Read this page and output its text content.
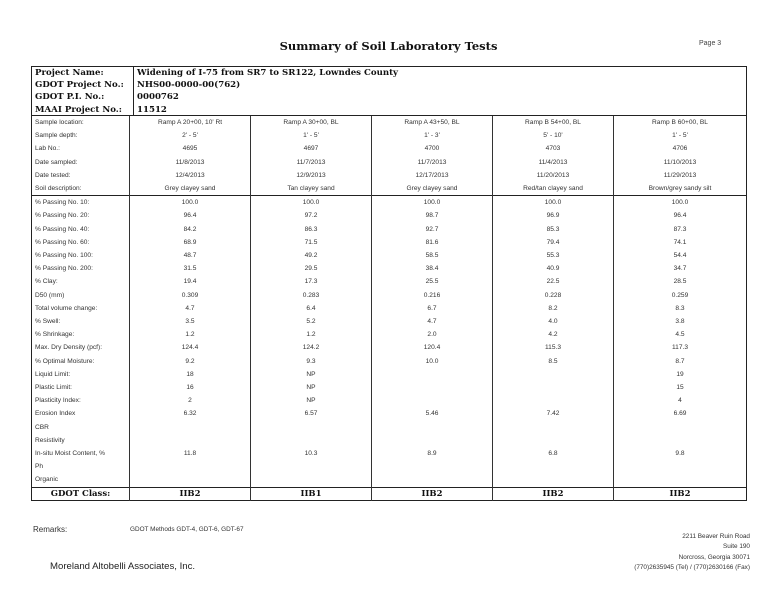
Summary of Soil Laboratory Tests	Page 3
Project Name:	Widening of I-75 from SR7 to SR122, Lowndes County
GDOT Project No.:	NHS00-0000-00(762)
GDOT P.I. No.:	0000762
MAAI Project No.:	11512
Sample location:	Ramp A 20+00, 10' Rt	Ramp A 30+00, BL	Ramp A 43+50, BL	Ramp B 54+00, BL	Ramp B 60+00, BL
Sample depth:	2' - 5'	1' - 5'	1' - 3'	5' - 10'	1' - 5'
Lab No.:	4695	4697	4700	4703	4706
Date sampled:	11/8/2013	11/7/2013	11/7/2013	11/4/2013	11/10/2013
Date tested:	12/4/2013	12/9/2013	12/17/2013	11/20/2013	11/29/2013
Soil description:	Grey clayey sand	Tan clayey sand	Grey clayey sand	Red/tan clayey sand	Brown/grey sandy silt
% Passing No. 10:	100.0	100.0	100.0	100.0	100.0
% Passing No. 20:	96.4	97.2	98.7	96.9	96.4
% Passing No. 40:	84.2	86.3	92.7	85.3	87.3
% Passing No. 60:	68.9	71.5	81.6	79.4	74.1
% Passing No. 100:	48.7	49.2	58.5	55.3	54.4
% Passing No. 200:	31.5	29.5	38.4	40.9	34.7
% Clay:	19.4	17.3	25.5	22.5	28.5
D50 (mm)	0.309	0.283	0.216	0.228	0.259
Total volume change:	4.7	6.4	6.7	8.2	8.3
% Swell:	3.5	5.2	4.7	4.0	3.8
% Shrinkage:	1.2	1.2	2.0	4.2	4.5
Max. Dry Density (pcf):	124.4	124.2	120.4	115.3	117.3
% Optimal Moisture:	9.2	9.3	10.0	8.5	8.7
Liquid Limit:	18	NP			19
Plastic Limit:	16	NP			15
Plasticity Index:	2	NP			4
Erosion Index	6.32	6.57	5.46	7.42	6.69
CBR					
Resistivity					
In-situ Moist Content, %	11.8	10.3	8.9	6.8	9.8
Ph					
Organic					
GDOT Class:	IIB2	IIB1	IIB2	IIB2	IIB2
Remarks:	GDOT Methods GDT-4, GDT-6, GDT-67
2211 Beaver Ruin Road
Suite 190
Norcross, Georgia 30071
(770)2635945 (Tel) / (770)2630166 (Fax)
Moreland Altobelli Associates, Inc.
